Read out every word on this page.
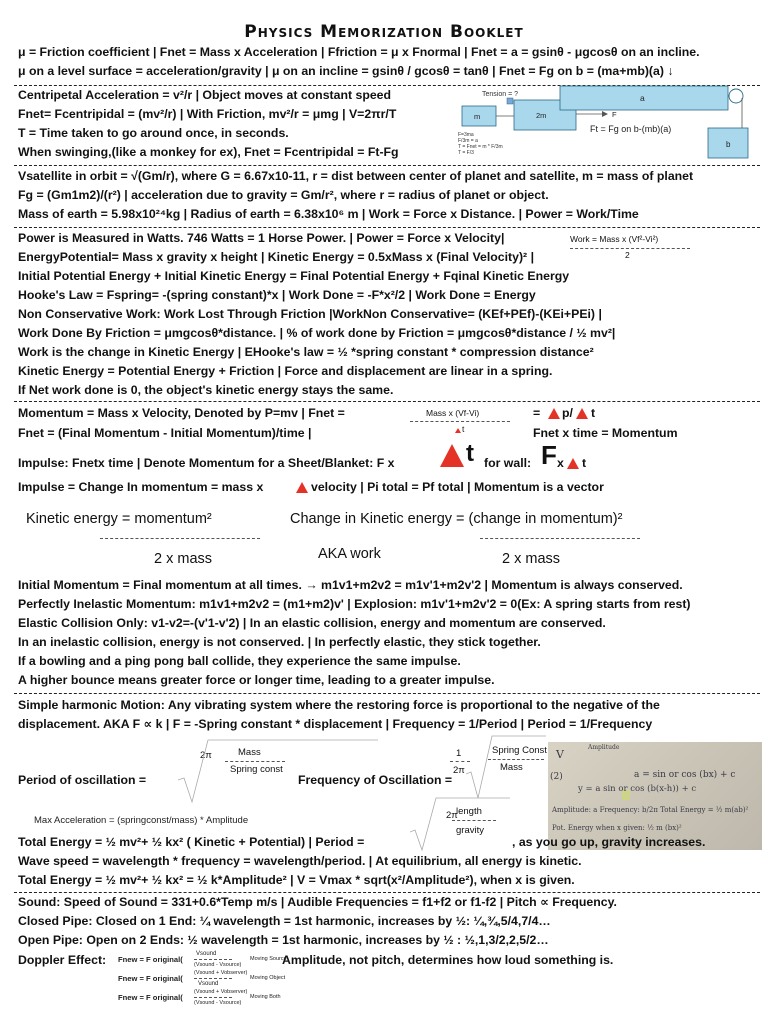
Physics Memorization Booklet
μ = Friction coefficient | Fnet = Mass x Acceleration | Ffriction = μ x Fnormal | Fnet = a = gsinθ - μgcosθ on an incline.
μ on a level surface = acceleration/gravity | μ on an incline = gsinθ / gcosθ = tanθ | Fnet = Fg on b = (ma+mb)(a) ↓
Centripetal Acceleration = v²/r | Object moves at constant speed
Fnet= Fcentripidal = (mv²/r) | With Friction, mv²/r = μmg | V=2πr/T
T = Time taken to go around once, in seconds.
When swinging,(like a monkey for ex), Fnet = Fcentripidal = Ft-Fg
Tension = ?
m	2m
a
b
F
Ft = Fg on b-(mb)(a)
F=3ma
F/3m = a
T = Fnet = m * F/3m
T = F/3
Vsatellite in orbit = √(Gm/r), where G = 6.67x10-11, r = dist between center of planet and satellite, m = mass of planet
Fg = (Gm1m2)/(r²) | acceleration due to gravity = Gm/r², where r = radius of planet or object.
Mass of earth = 5.98x10²⁴kg | Radius of earth = 6.38x10⁶ m | Work = Force x Distance. | Power = Work/Time
Power is Measured in Watts. 746 Watts = 1 Horse Power. | Power = Force x Velocity|	Work = Mass x (Vf²-Vi²)
2
EnergyPotential= Mass x gravity x height | Kinetic Energy = 0.5xMass x (Final Velocity)² |
Initial Potential Energy + Initial Kinetic Energy = Final Potential Energy + Fqinal Kinetic Energy
Hooke's Law = Fspring= -(spring constant)*x | Work Done = -F*x²/2 | Work Done = Energy
Non Conservative Work: Work Lost Through Friction |WorkNon Conservative= (KEf+PEf)-(KEi+PEi) |
Work Done By Friction = μmgcosθ*distance. | % of work done by Friction = μmgcosθ*distance / ½ mv²|
Work is the change in Kinetic Energy | EHooke's law = ½ *spring constant * compression distance²
Kinetic Energy = Potential Energy + Friction | Force and displacement are linear in a spring.
If Net work done is 0, the object's kinetic energy stays the same.
Momentum = Mass x Velocity, Denoted by P=mv | Fnet =	Mass x (Vf-Vi)
t
=	p/	t
Fnet = (Final Momentum - Initial Momentum)/time |	Fnet x time = Momentum
Impulse: Fnetx time | Denote Momentum for a Sheet/Blanket: F x	t for wall: F x	t
Impulse = Change In momentum = mass x	velocity | Pi total = Pf total | Momentum is a vector
Kinetic energy = momentum²
2 x mass
Change in Kinetic energy = (change in momentum)²
AKA work	2 x mass
Initial Momentum = Final momentum at all times. → m1v1+m2v2 = m1v'1+m2v'2 | Momentum is always conserved.
Perfectly Inelastic Momentum: m1v1+m2v2 = (m1+m2)v' | Explosion: m1v'1+m2v'2 = 0(Ex: A spring starts from rest)
Elastic Collision Only: v1-v2=-(v'1-v'2) | In an elastic collision, energy and momentum are conserved.
In an inelastic collision, energy is not conserved. | In perfectly elastic, they stick together.
If a bowling and a ping pong ball collide, they experience the same impulse.
A higher bounce means greater force or longer time, leading to a greater impulse.
Simple harmonic Motion: Any vibrating system where the restoring force is proportional to the negative of the
displacement. AKA F ∝ k | F = -Spring constant * displacement | Frequency = 1/Period | Period = 1/Frequency
2π	Mass
Spring const
Period of oscillation =	Frequency of Oscillation =
1
2π
Spring Const
Mass
V
Amplitude
a = sin or cos (bx) + c
(2)
y = a sin or cos (b(x-h)) + c
Amplitude: a Frequency: b/2π Total Energy = ½ m(ab)²
Pot. Energy when x given: ½ m (bx)²
Max Acceleration = (springconst/mass) * Amplitude	2π
length
gravity
Total Energy = ½ mv²+ ½ kx² ( Kinetic + Potential) | Period =	, as you go up, gravity increases.
Wave speed = wavelength * frequency = wavelength/period. | At equilibrium, all energy is kinetic.
Total Energy = ½ mv²+ ½ kx² = ½ k*Amplitude² | V = Vmax * sqrt(x²/Amplitude²), when x is given.
Sound: Speed of Sound = 331+0.6*Temp m/s | Audible Frequencies = f1+f2 or f1-f2 | Pitch ∝ Frequency.
Closed Pipe: Closed on 1 End: ¼ wavelength = 1st harmonic, increases by ½: ¼,¾,5/4,7/4…
Open Pipe: Open on 2 Ends: ½ wavelength = 1st harmonic, increases by ½ : ½,1,3/2,2,5/2…
Doppler Effect:	Amplitude, not pitch, determines how loud something is.
Fnew = F original(
Vsound
(Vsound - Vsource)
Moving Source
Fnew = F original(
(Vsound + Vobserver)
Vsound
Moving Object
Fnew = F original(
(Vsound + Vobserver)
(Vsound - Vsource)
Moving Both
